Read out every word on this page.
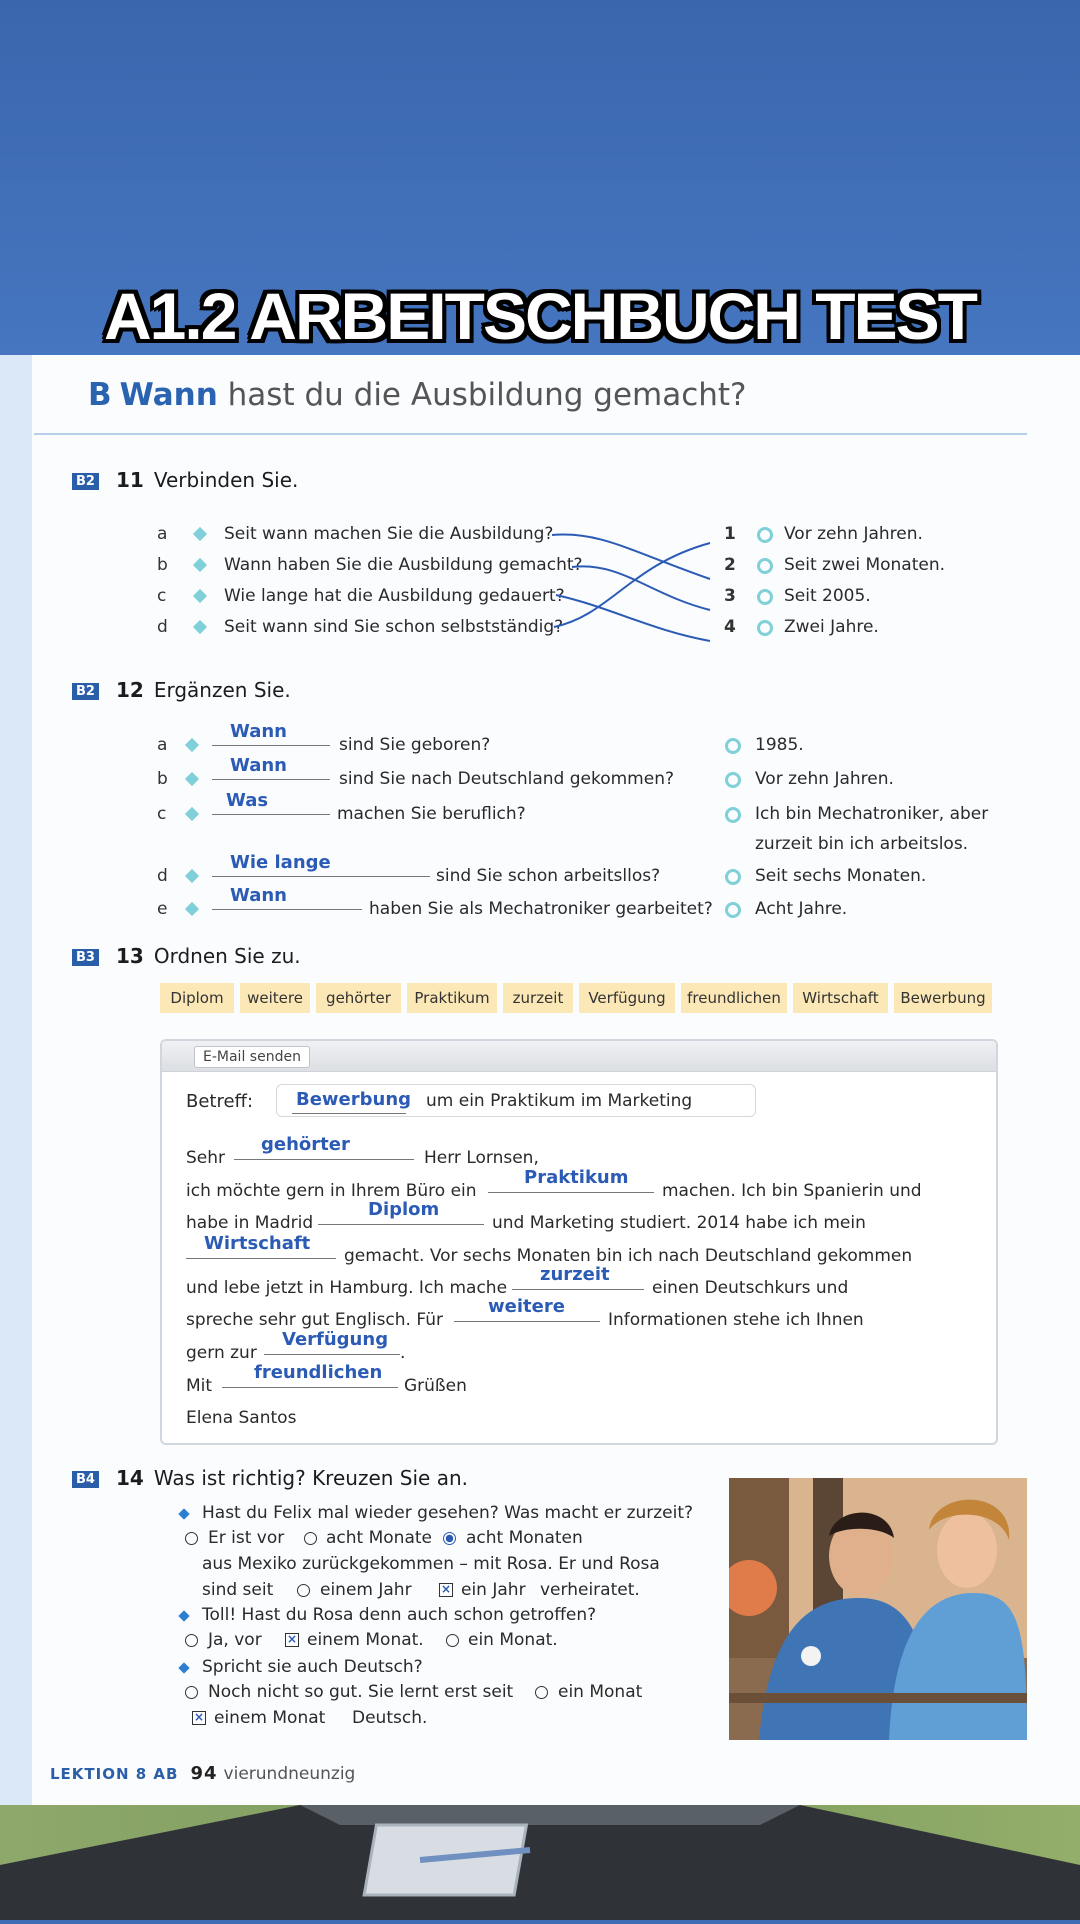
A1.2 ARBEITSCHBUCH TEST
B Wann hast du die Ausbildung gemacht?
B2 11 Verbinden Sie.
a	Seit wann machen Sie die Ausbildung?
b	Wann haben Sie die Ausbildung gemacht?
c	Wie lange hat die Ausbildung gedauert?
d	Seit wann sind Sie schon selbstständig?
1	Vor zehn Jahren.
2	Seit zwei Monaten.
3	Seit 2005.
4	Zwei Jahre.
B2 12 Ergänzen Sie.
a
Wann
sind Sie geboren?	1985.
b
Wann
sind Sie nach Deutschland gekommen?	Vor zehn Jahren.
c
Was
machen Sie beruflich?	Ich bin Mechatroniker, aber
zurzeit bin ich arbeitslos.
d
Wie lange
sind Sie schon arbeitsllos?	Seit sechs Monaten.
e
Wann
haben Sie als Mechatroniker gearbeitet? Acht Jahre.
B3 13 Ordnen Sie zu.
Diplom	weitere	gehörter	Praktikum	zurzeit	Verfügung	freundlichen	Wirtschaft	Bewerbung
E-Mail senden
Betreff: Bewerbung um ein Praktikum im Marketing
Sehr
gehörter
Herr Lornsen,
ich möchte gern in Ihrem Büro ein
Praktikum
machen. Ich bin Spanierin und
habe in Madrid
Diplom
und Marketing studiert. 2014 habe ich mein
Wirtschaft
gemacht. Vor sechs Monaten bin ich nach Deutschland gekommen
und lebe jetzt in Hamburg. Ich mache
zurzeit
einen Deutschkurs und
spreche sehr gut Englisch. Für
weitere
Informationen stehe ich Ihnen
gern zur
Verfügung
.
Mit
freundlichen
Grüßen
Elena Santos
B4 14 Was ist richtig? Kreuzen Sie an.
Hast du Felix mal wieder gesehen? Was macht er zurzeit?
Er ist vor acht Monate acht Monaten
aus Mexiko zurückgekommen – mit Rosa. Er und Rosa
sind seit	einem Jahr × ein Jahr verheiratet.
Toll! Hast du Rosa denn auch schon getroffen?
Ja, vor × einem Monat.	ein Monat.
Spricht sie auch Deutsch?
Noch nicht so gut. Sie lernt erst seit	ein Monat
× einem Monat Deutsch.
LEKTION 8 AB 94 vierundneunzig
